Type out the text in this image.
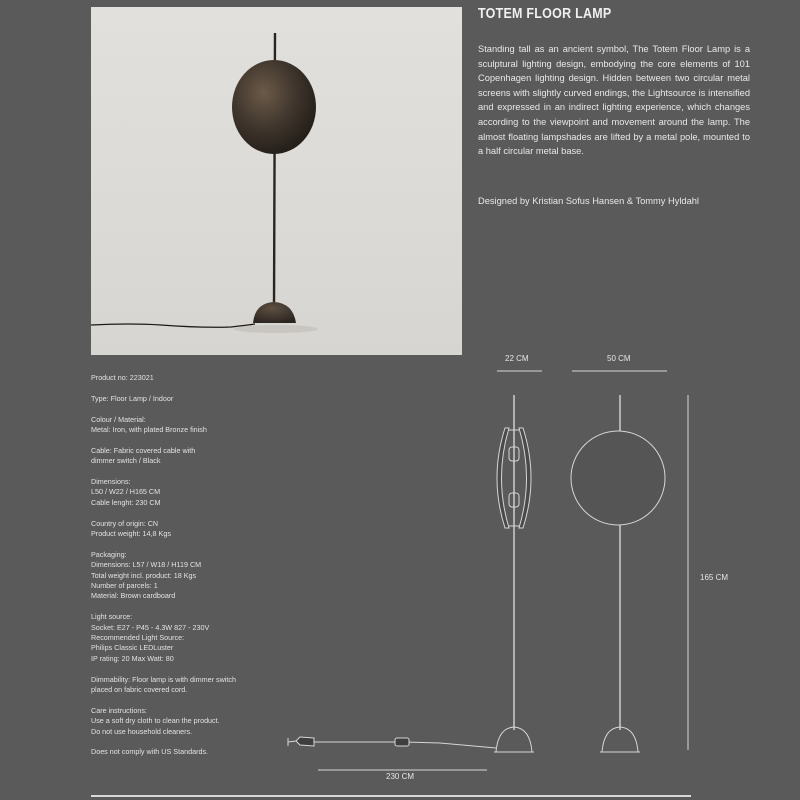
TOTEM FLOOR LAMP
Standing tall as an ancient symbol, The Totem Floor Lamp is a sculptural lighting design, embodying the core elements of 101 Copenhagen lighting design. Hidden between two circular metal screens with slightly curved endings, the Lightsource is intensified and expressed in an indirect lighting experience, which changes according to the viewpoint and movement around the lamp. The almost floating lampshades are lifted by a metal pole, mounted to a half circular metal base.
Designed by Kristian Sofus Hansen & Tommy Hyldahl
Product no: 223021
Type: Floor Lamp / Indoor
Colour / Material:
Metal: Iron, with plated Bronze finish
Cable: Fabric covered cable with
dimmer switch / Black
Dimensions:
L50 / W22 / H165 CM
Cable lenght: 230 CM
Country of origin: CN
Product weight: 14,8 Kgs
Packaging:
Dimensions: L57 / W18 / H119 CM
Total weight incl. product: 18 Kgs
Number of parcels: 1
Material: Brown cardboard
Light source:
Socket: E27 - P45 - 4.3W 827 - 230V
Recommended Light Source:
Philips Classic LEDLuster
IP rating: 20 Max Watt: 80
Dimmability: Floor lamp is with dimmer switch
placed on fabric covered cord.
Care instructions:
Use a soft dry cloth to clean the product.
Do not use household cleaners.
Does not comply with US Standards.
22 CM	50 CM
165 CM
230 CM
